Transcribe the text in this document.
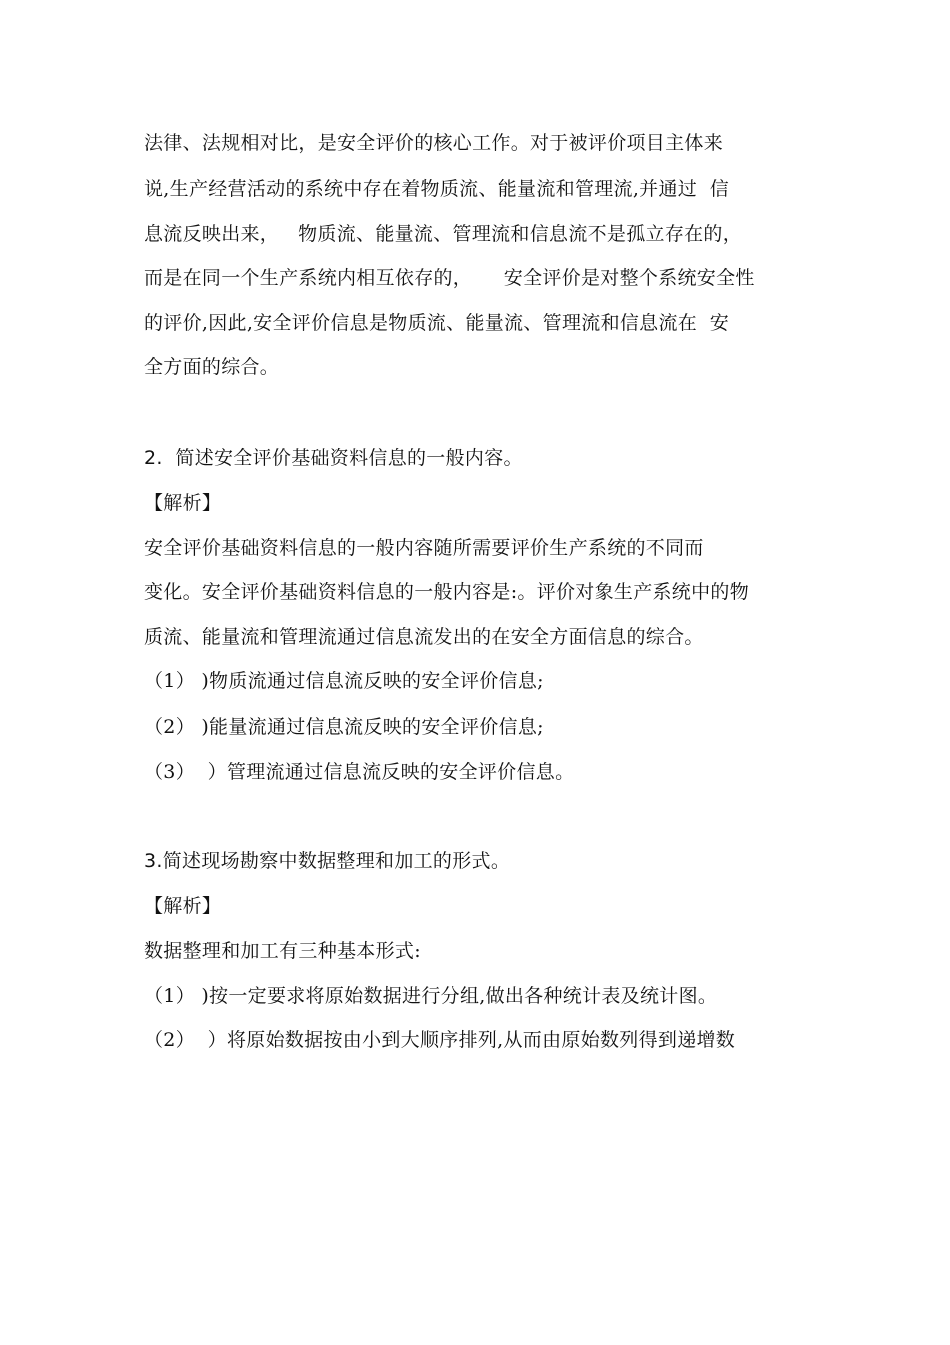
法律、法规相对比，是安全评价的核心工作。对于被评价项目主体来
说,生产经营活动的系统中存在着物质流、能量流和管理流,并通过  信
息流反映出来，   物质流、能量流、管理流和信息流不是孤立存在的，
而是在同一个生产系统内相互依存的，     安全评价是对整个系统安全性
的评价,因此,安全评价信息是物质流、能量流、管理流和信息流在  安
全方面的综合。
2.  简述安全评价基础资料信息的一般内容。
【解析】
安全评价基础资料信息的一般内容随所需要评价生产系统的不同而
变化。安全评价基础资料信息的一般内容是:。评价对象生产系统中的物
质流、能量流和管理流通过信息流发出的在安全方面信息的综合。
（1） )物质流通过信息流反映的安全评价信息;
（2） )能量流通过信息流反映的安全评价信息;
（3）  ）管理流通过信息流反映的安全评价信息。
3.简述现场勘察中数据整理和加工的形式。
【解析】
数据整理和加工有三种基本形式:
（1） )按一定要求将原始数据进行分组,做出各种统计表及统计图。
（2）  ）将原始数据按由小到大顺序排列,从而由原始数列得到递增数
